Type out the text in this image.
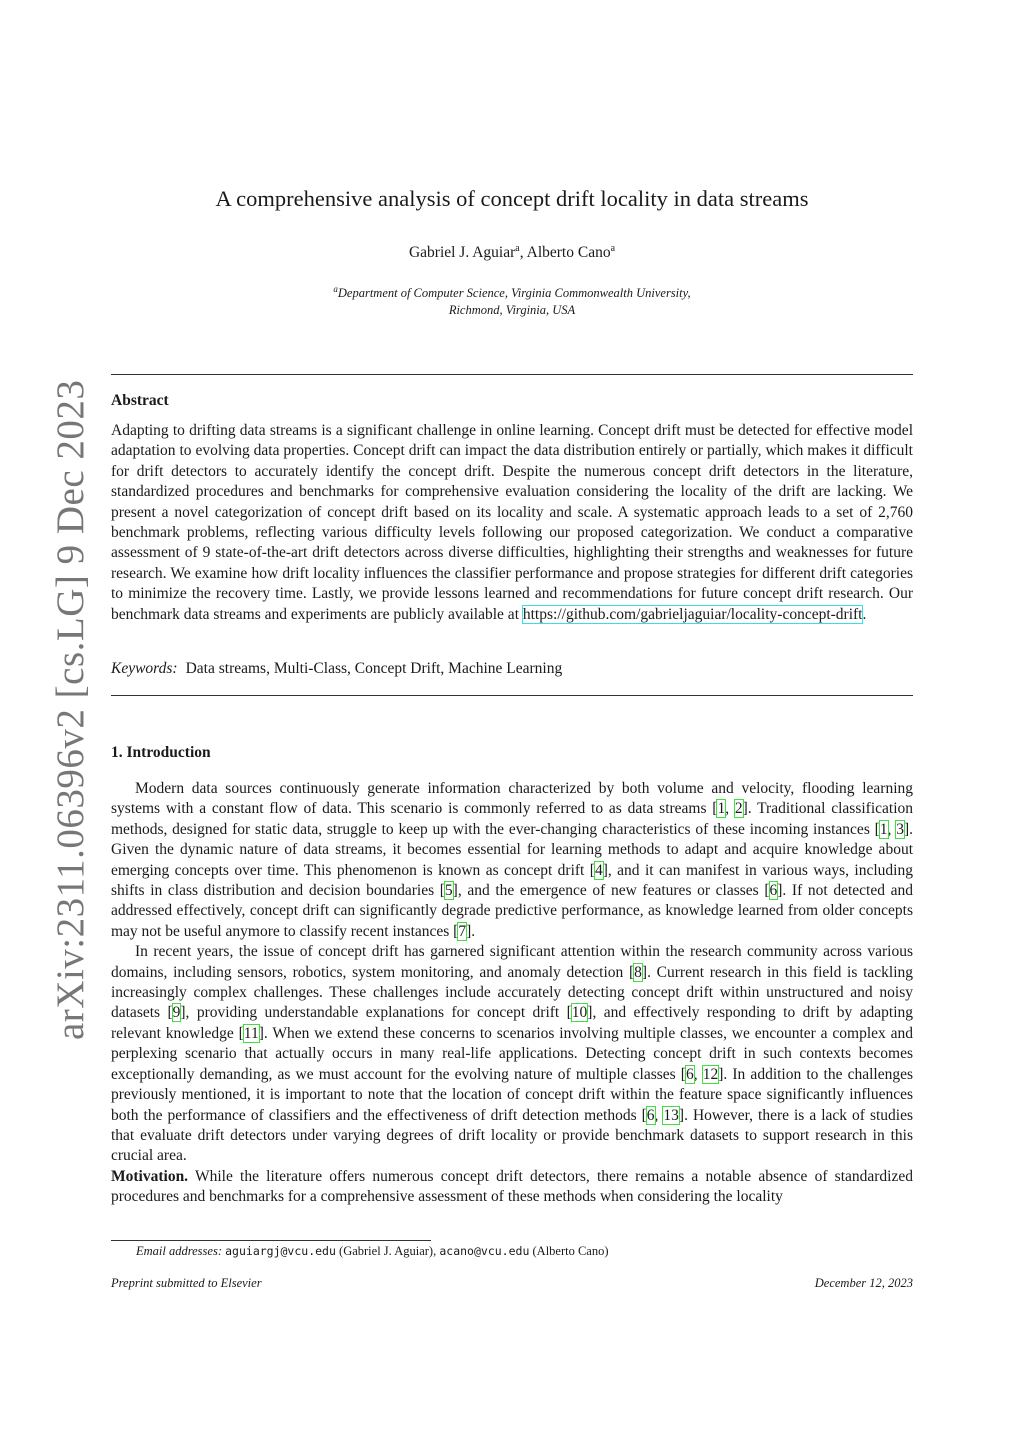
arXiv:2311.06396v2 [cs.LG] 9 Dec 2023
A comprehensive analysis of concept drift locality in data streams
Gabriel J. Aguiar$^a$, Alberto Cano$^a$
$^a$Department of Computer Science, Virginia Commonwealth University,
Richmond, Virginia, USA
Abstract
Adapting to drifting data streams is a significant challenge in online learning. Concept drift must be detected for effective model adaptation to evolving data properties. Concept drift can impact the data distribution entirely or partially, which makes it difficult for drift detectors to accurately identify the concept drift. Despite the numerous concept drift detectors in the literature, standardized procedures and benchmarks for comprehensive evaluation considering the locality of the drift are lacking. We present a novel categorization of concept drift based on its locality and scale. A systematic approach leads to a set of 2,760 benchmark problems, reflecting various difficulty levels following our proposed categorization. We conduct a comparative assessment of 9 state-of-the-art drift detectors across diverse difficulties, highlighting their strengths and weaknesses for future research. We examine how drift locality influences the classifier performance and propose strategies for different drift categories to minimize the recovery time. Lastly, we provide lessons learned and recommendations for future concept drift research. Our benchmark data streams and experiments are publicly available at https://github.com/gabrieljaguiar/locality-concept-drift.
Keywords: Data streams, Multi-Class, Concept Drift, Machine Learning
1. Introduction

Modern data sources continuously generate information characterized by both volume and velocity, flooding learning systems with a constant flow of data. This scenario is commonly referred to as data streams [1, 2]. Traditional classification methods, designed for static data, struggle to keep up with the ever-changing characteristics of these incoming instances [1, 3]. Given the dynamic nature of data streams, it becomes essential for learning methods to adapt and acquire knowledge about emerging concepts over time. This phenomenon is known as concept drift [4], and it can manifest in various ways, including shifts in class distribution and decision boundaries [5], and the emergence of new features or classes [6]. If not detected and addressed effectively, concept drift can significantly degrade predictive performance, as knowledge learned from older concepts may not be useful anymore to classify recent instances [7].

In recent years, the issue of concept drift has garnered significant attention within the research community across various domains, including sensors, robotics, system monitoring, and anomaly detection [8]. Current research in this field is tackling increasingly complex challenges. These challenges include accurately detecting concept drift within unstructured and noisy datasets [9], providing understandable explanations for concept drift [10], and effectively responding to drift by adapting relevant knowledge [11]. When we extend these concerns to scenarios involving multiple classes, we encounter a complex and perplexing scenario that actually occurs in many real-life applications. Detecting concept drift in such contexts becomes exceptionally demanding, as we must account for the evolving nature of multiple classes [6, 12]. In addition to the challenges previously mentioned, it is important to note that the location of concept drift within the feature space significantly influences both the performance of classifiers and the effectiveness of drift detection methods [6, 13]. However, there is a lack of studies that evaluate drift detectors under varying degrees of drift locality or provide benchmark datasets to support research in this crucial area.

Motivation. While the literature offers numerous concept drift detectors, there remains a notable absence of standardized procedures and benchmarks for a comprehensive assessment of these methods when considering the locality

Email addresses: aguiargj@vcu.edu (Gabriel J. Aguiar), acano@vcu.edu (Alberto Cano)
Preprint submitted to Elsevier	December 12, 2023
